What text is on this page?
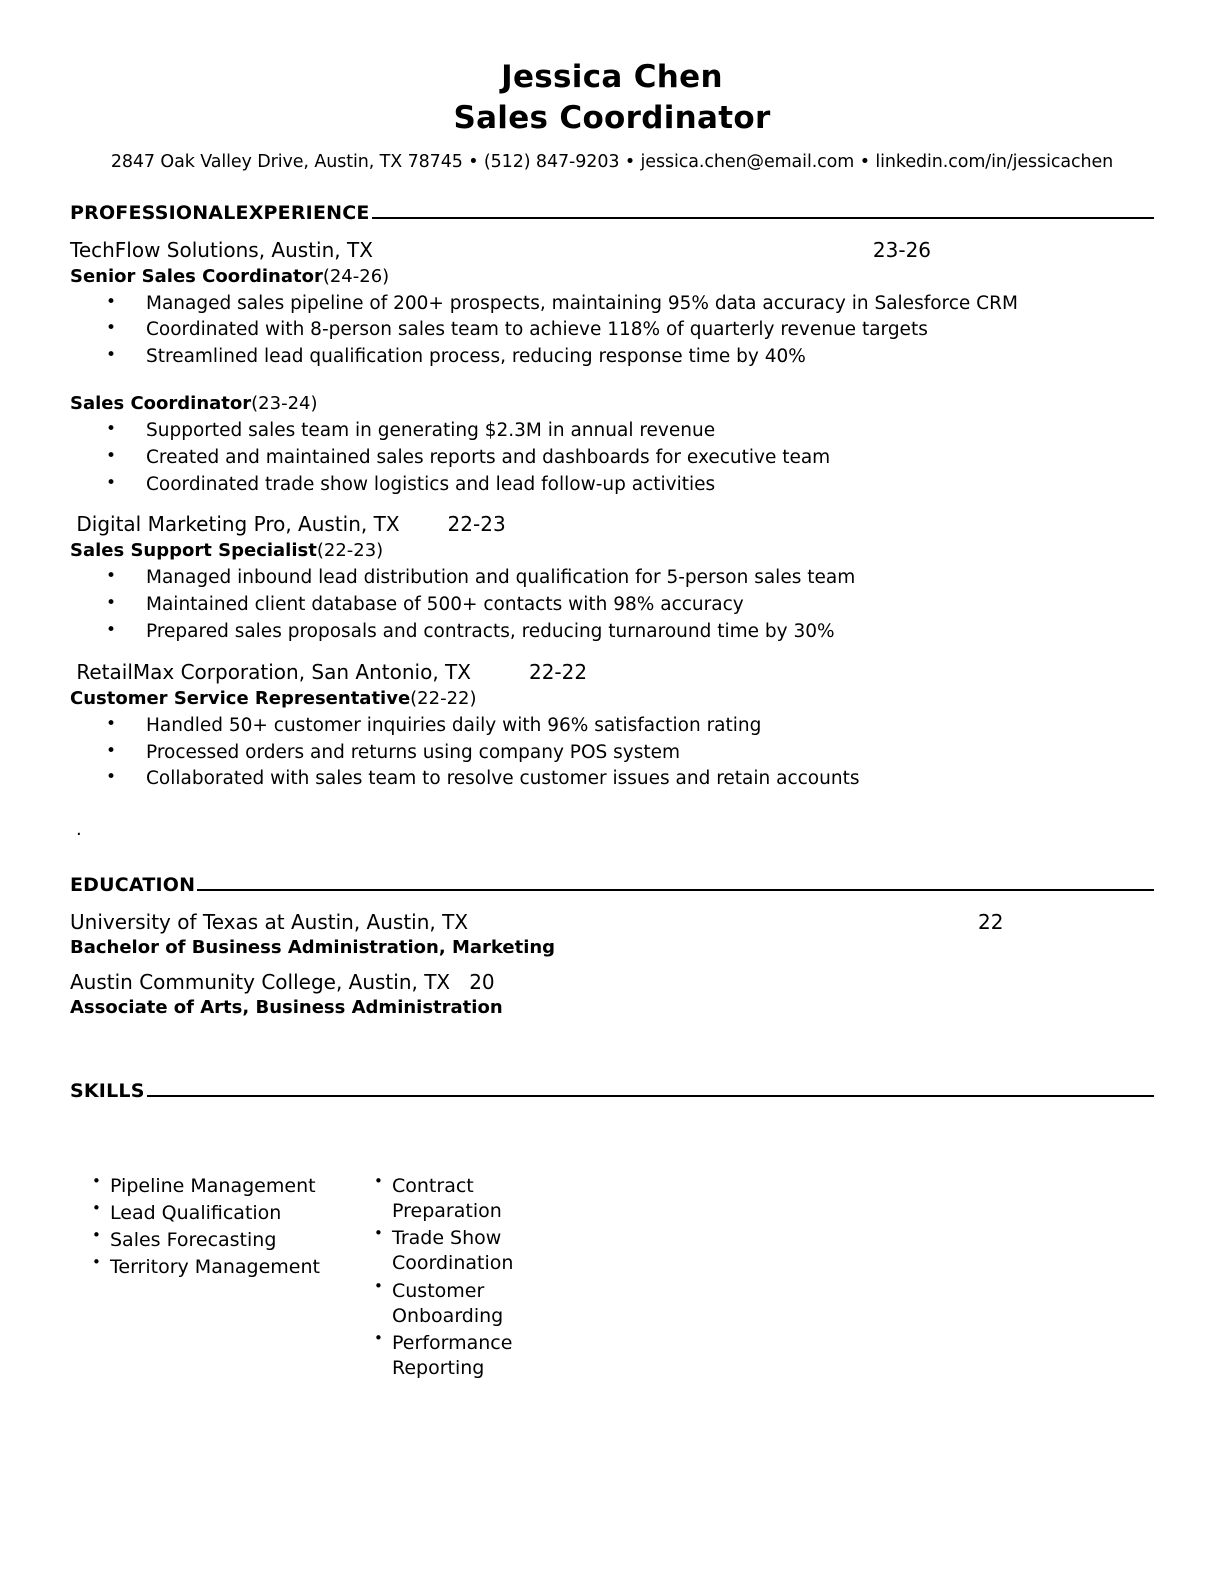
Jessica Chen
Sales Coordinator
2847 Oak Valley Drive, Austin, TX 78745 • (512) 847-9203 • jessica.chen@email.com • linkedin.com/in/jessicachen
PROFESSIONAL EXPERIENCE
TechFlow Solutions, Austin, TX	23-26
Senior Sales Coordinator(24-26)
• Managed sales pipeline of 200+ prospects, maintaining 95% data accuracy in Salesforce CRM
• Coordinated with 8-person sales team to achieve 118% of quarterly revenue targets
• Streamlined lead qualification process, reducing response time by 40%
Sales Coordinator(23-24)
• Supported sales team in generating $2.3M in annual revenue
• Created and maintained sales reports and dashboards for executive team
• Coordinated trade show logistics and lead follow-up activities
Digital Marketing Pro, Austin, TX 22-23
Sales Support Specialist(22-23)
• Managed inbound lead distribution and qualification for 5-person sales team
• Maintained client database of 500+ contacts with 98% accuracy
• Prepared sales proposals and contracts, reducing turnaround time by 30%
RetailMax Corporation, San Antonio, TX	22-22
Customer Service Representative(22-22)
• Handled 50+ customer inquiries daily with 96% satisfaction rating
• Processed orders and returns using company POS system
• Collaborated with sales team to resolve customer issues and retain accounts
.
EDUCATION
University of Texas at Austin, Austin, TX	22
Bachelor of Business Administration, Marketing
Austin Community College, Austin, TX   20
Associate of Arts, Business Administration
SKILLS
• Pipeline Management
• Lead Qualification
• Sales Forecasting
• Territory Management
• Contract Preparation
• Trade Show Coordination
• Customer Onboarding
• Performance Reporting
